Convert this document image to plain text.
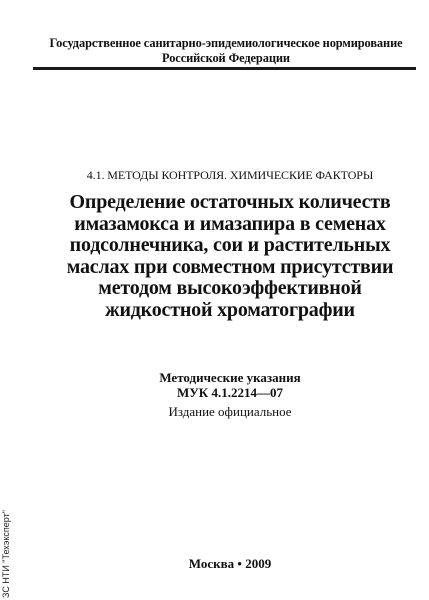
Государственное санитарно-эпидемиологическое нормирование
Российской Федерации
4.1. МЕТОДЫ КОНТРОЛЯ. ХИМИЧЕСКИЕ ФАКТОРЫ
Определение остаточных количеств
имазамокса и имазапира в семенах
подсолнечника, сои и растительных
маслах при совместном присутствии
методом высокоэффективной
жидкостной хроматографии
Методические указания
МУК 4.1.2214—07
Издание официальное
Москва • 2009
ЗС НТИ "Техэксперт"
